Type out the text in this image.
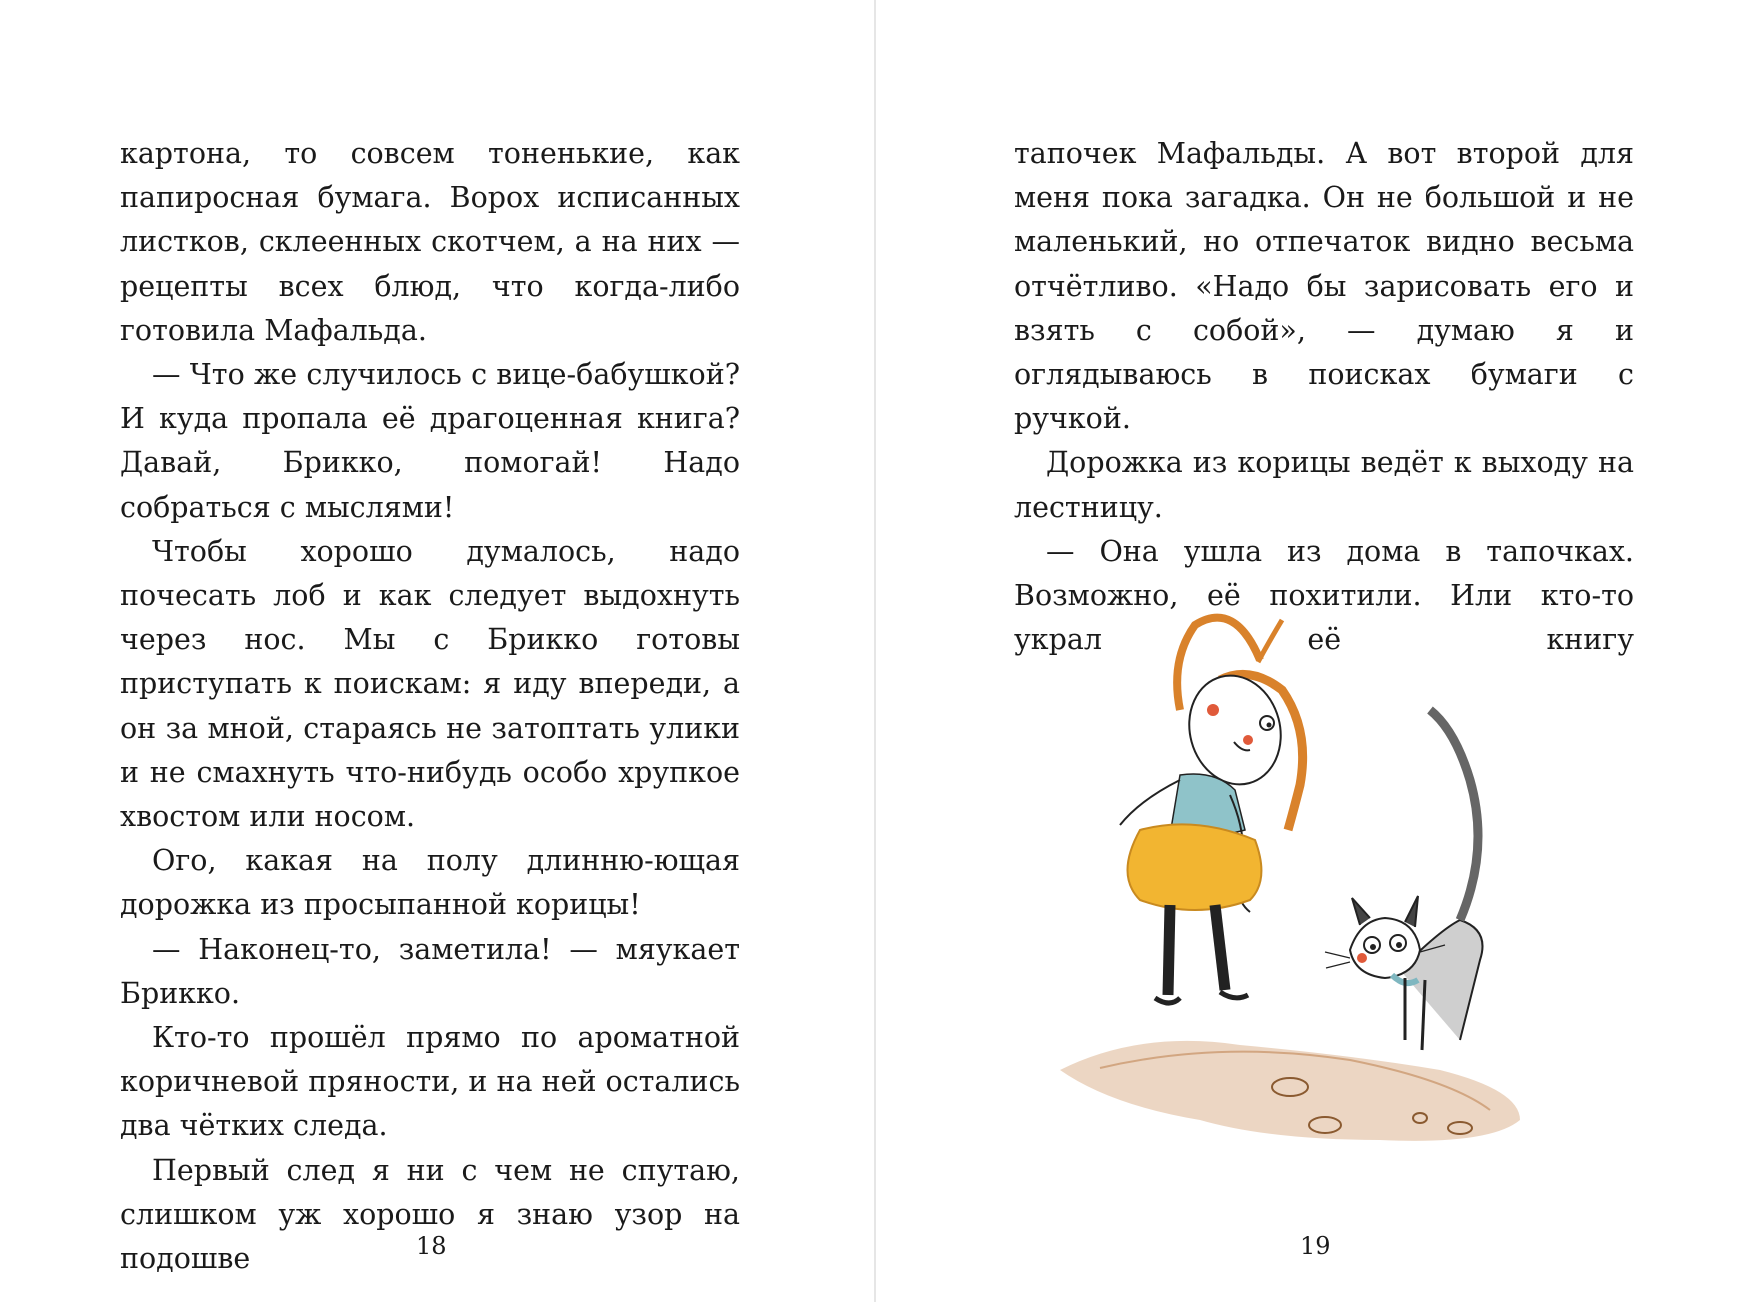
картона, то совсем тоненькие, как папиросная бумага. Ворох исписанных листков, склеенных скотчем, а на них — рецепты всех блюд, что когда-либо готовила Мафальда.

— Что же случилось с вице-бабушкой? И куда пропала её драгоценная книга? Давай, Брикко, помогай! Надо собраться с мыслями!

Чтобы хорошо думалось, надо почесать лоб и как следует выдохнуть через нос. Мы с Брикко готовы приступать к поискам: я иду впереди, а он за мной, стараясь не затоптать улики и не смахнуть что-нибудь особо хрупкое хвостом или носом.

Ого, какая на полу длинню-ющая дорожка из просыпанной корицы!

— Наконец-то, заметила! — мяукает Брикко.

Кто-то прошёл прямо по ароматной коричневой пряности, и на ней остались два чётких следа.

Первый след я ни с чем не спутаю, слишком уж хорошо я знаю узор на подошве	18

тапочек Мафальды. А вот второй для меня пока загадка. Он не большой и не маленький, но отпечаток видно весьма отчётливо. «Надо бы зарисовать его и взять с собой», — думаю я и оглядываюсь в поисках бумаги с ручкой.

Дорожка из корицы ведёт к выходу на лестницу.

— Она ушла из дома в тапочках. Возможно, её похитили. Или кто-то украл её книгу

19
